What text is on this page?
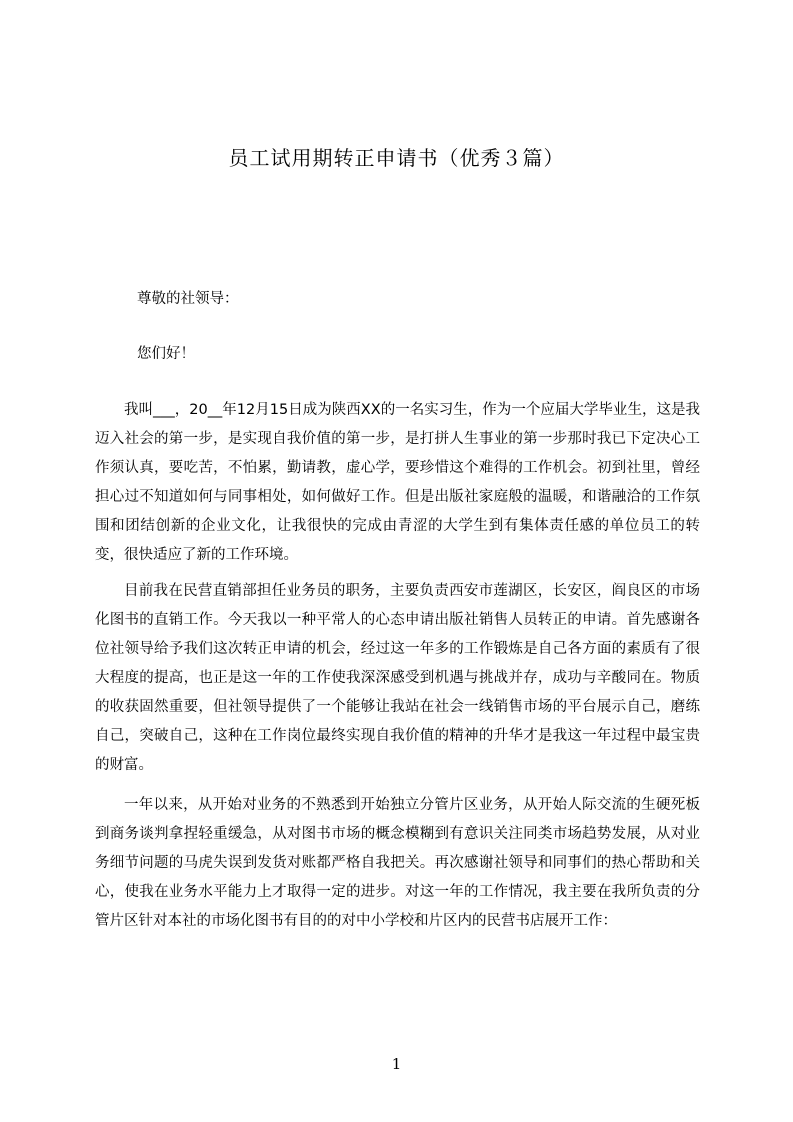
员工试用期转正申请书（优秀３篇）
尊敬的社领导：
您们好！

我叫___，20__年12月15日成为陕西XX的一名实习生，作为一个应届大学毕业生，这是我迈入社会的第一步，是实现自我价值的第一步，是打拼人生事业的第一步那时我已下定决心工作须认真，要吃苦，不怕累，勤请教，虚心学，要珍惜这个难得的工作机会。初到社里，曾经担心过不知道如何与同事相处，如何做好工作。但是出版社家庭般的温暖，和谐融洽的工作氛围和团结创新的企业文化，让我很快的完成由青涩的大学生到有集体责任感的单位员工的转变，很快适应了新的工作环境。

目前我在民营直销部担任业务员的职务，主要负责西安市莲湖区，长安区，阎良区的市场化图书的直销工作。今天我以一种平常人的心态申请出版社销售人员转正的申请。首先感谢各位社领导给予我们这次转正申请的机会，经过这一年多的工作锻炼是自己各方面的素质有了很大程度的提高，也正是这一年的工作使我深深感受到机遇与挑战并存，成功与辛酸同在。物质的收获固然重要，但社领导提供了一个能够让我站在社会一线销售市场的平台展示自己，磨练自己，突破自己，这种在工作岗位最终实现自我价值的精神的升华才是我这一年过程中最宝贵的财富。

一年以来，从开始对业务的不熟悉到开始独立分管片区业务，从开始人际交流的生硬死板到商务谈判拿捏轻重缓急，从对图书市场的概念模糊到有意识关注同类市场趋势发展，从对业务细节问题的马虎失误到发货对账都严格自我把关。再次感谢社领导和同事们的热心帮助和关心，使我在业务水平能力上才取得一定的进步。对这一年的工作情况，我主要在我所负责的分管片区针对本社的市场化图书有目的的对中小学校和片区内的民营书店展开工作：

1
